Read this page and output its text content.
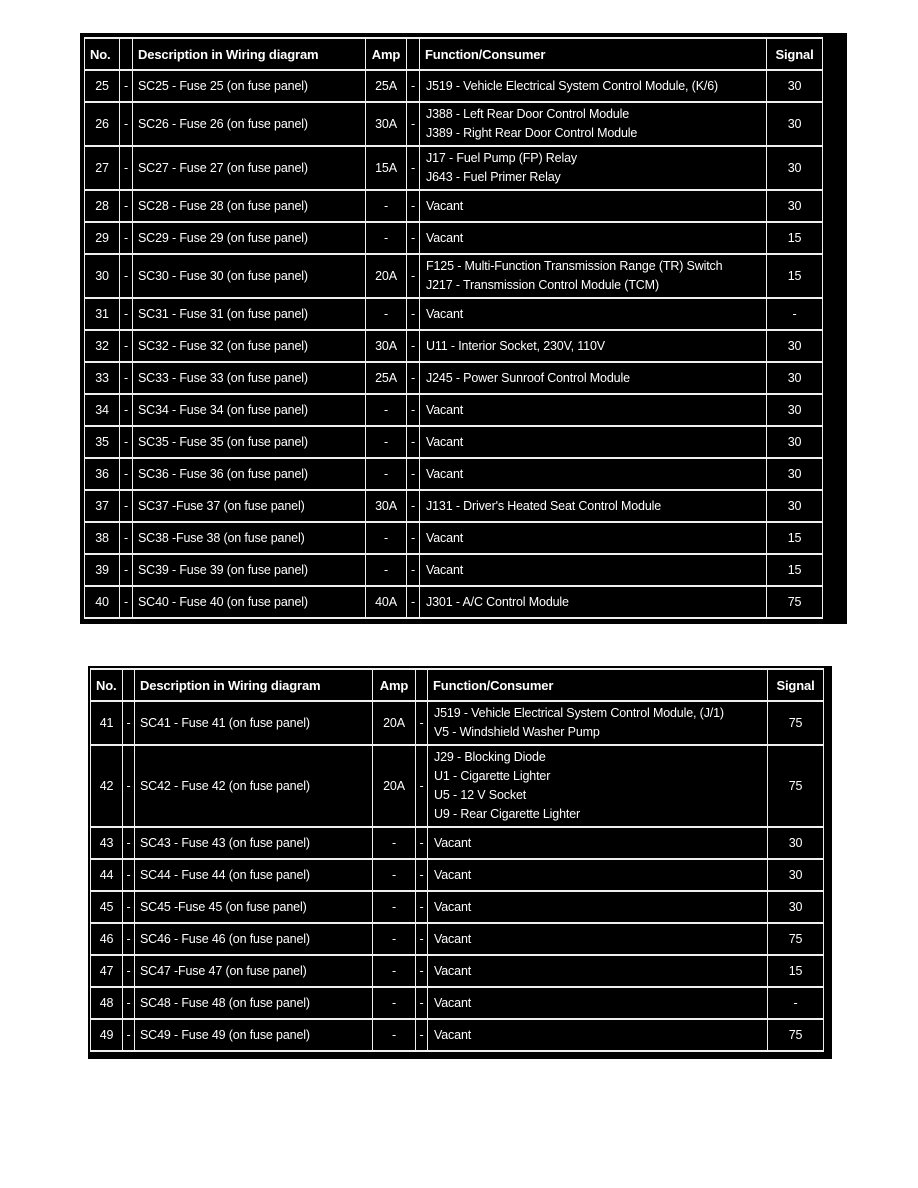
No.		Description in Wiring diagram	Amp		Function/Consumer	Signal
25	-	SC25 - Fuse 25 (on fuse panel)	25A	-	J519 - Vehicle Electrical System Control Module, (K/6)	30
26	-	SC26 - Fuse 26 (on fuse panel)	30A	-	J388 - Left Rear Door Control Module
J389 - Right Rear Door Control Module	30
27	-	SC27 - Fuse 27 (on fuse panel)	15A	-	J17 - Fuel Pump (FP) Relay
J643 - Fuel Primer Relay	30
28	-	SC28 - Fuse 28 (on fuse panel)	-	-	Vacant	30
29	-	SC29 - Fuse 29 (on fuse panel)	-	-	Vacant	15
30	-	SC30 - Fuse 30 (on fuse panel)	20A	-	F125 - Multi-Function Transmission Range (TR) Switch
J217 - Transmission Control Module (TCM)	15
31	-	SC31 - Fuse 31 (on fuse panel)	-	-	Vacant	-
32	-	SC32 - Fuse 32 (on fuse panel)	30A	-	U11 - Interior Socket, 230V, 110V	30
33	-	SC33 - Fuse 33 (on fuse panel)	25A	-	J245 - Power Sunroof Control Module	30
34	-	SC34 - Fuse 34 (on fuse panel)	-	-	Vacant	30
35	-	SC35 - Fuse 35 (on fuse panel)	-	-	Vacant	30
36	-	SC36 - Fuse 36 (on fuse panel)	-	-	Vacant	30
37	-	SC37 -Fuse 37 (on fuse panel)	30A	-	J131 - Driver's Heated Seat Control Module	30
38	-	SC38 -Fuse 38 (on fuse panel)	-	-	Vacant	15
39	-	SC39 - Fuse 39 (on fuse panel)	-	-	Vacant	15
40	-	SC40 - Fuse 40 (on fuse panel)	40A	-	J301 - A/C Control Module	75
No.		Description in Wiring diagram	Amp		Function/Consumer	Signal
41	-	SC41 - Fuse 41 (on fuse panel)	20A	-	J519 - Vehicle Electrical System Control Module, (J/1)
V5 - Windshield Washer Pump	75
42	-	SC42 - Fuse 42 (on fuse panel)	20A	-	J29 - Blocking Diode
U1 - Cigarette Lighter
U5 - 12 V Socket
U9 - Rear Cigarette Lighter	75
43	-	SC43 - Fuse 43 (on fuse panel)	-	-	Vacant	30
44	-	SC44 - Fuse 44 (on fuse panel)	-	-	Vacant	30
45	-	SC45 -Fuse 45 (on fuse panel)	-	-	Vacant	30
46	-	SC46 - Fuse 46 (on fuse panel)	-	-	Vacant	75
47	-	SC47 -Fuse 47 (on fuse panel)	-	-	Vacant	15
48	-	SC48 - Fuse 48 (on fuse panel)	-	-	Vacant	-
49	-	SC49 - Fuse 49 (on fuse panel)	-	-	Vacant	75
